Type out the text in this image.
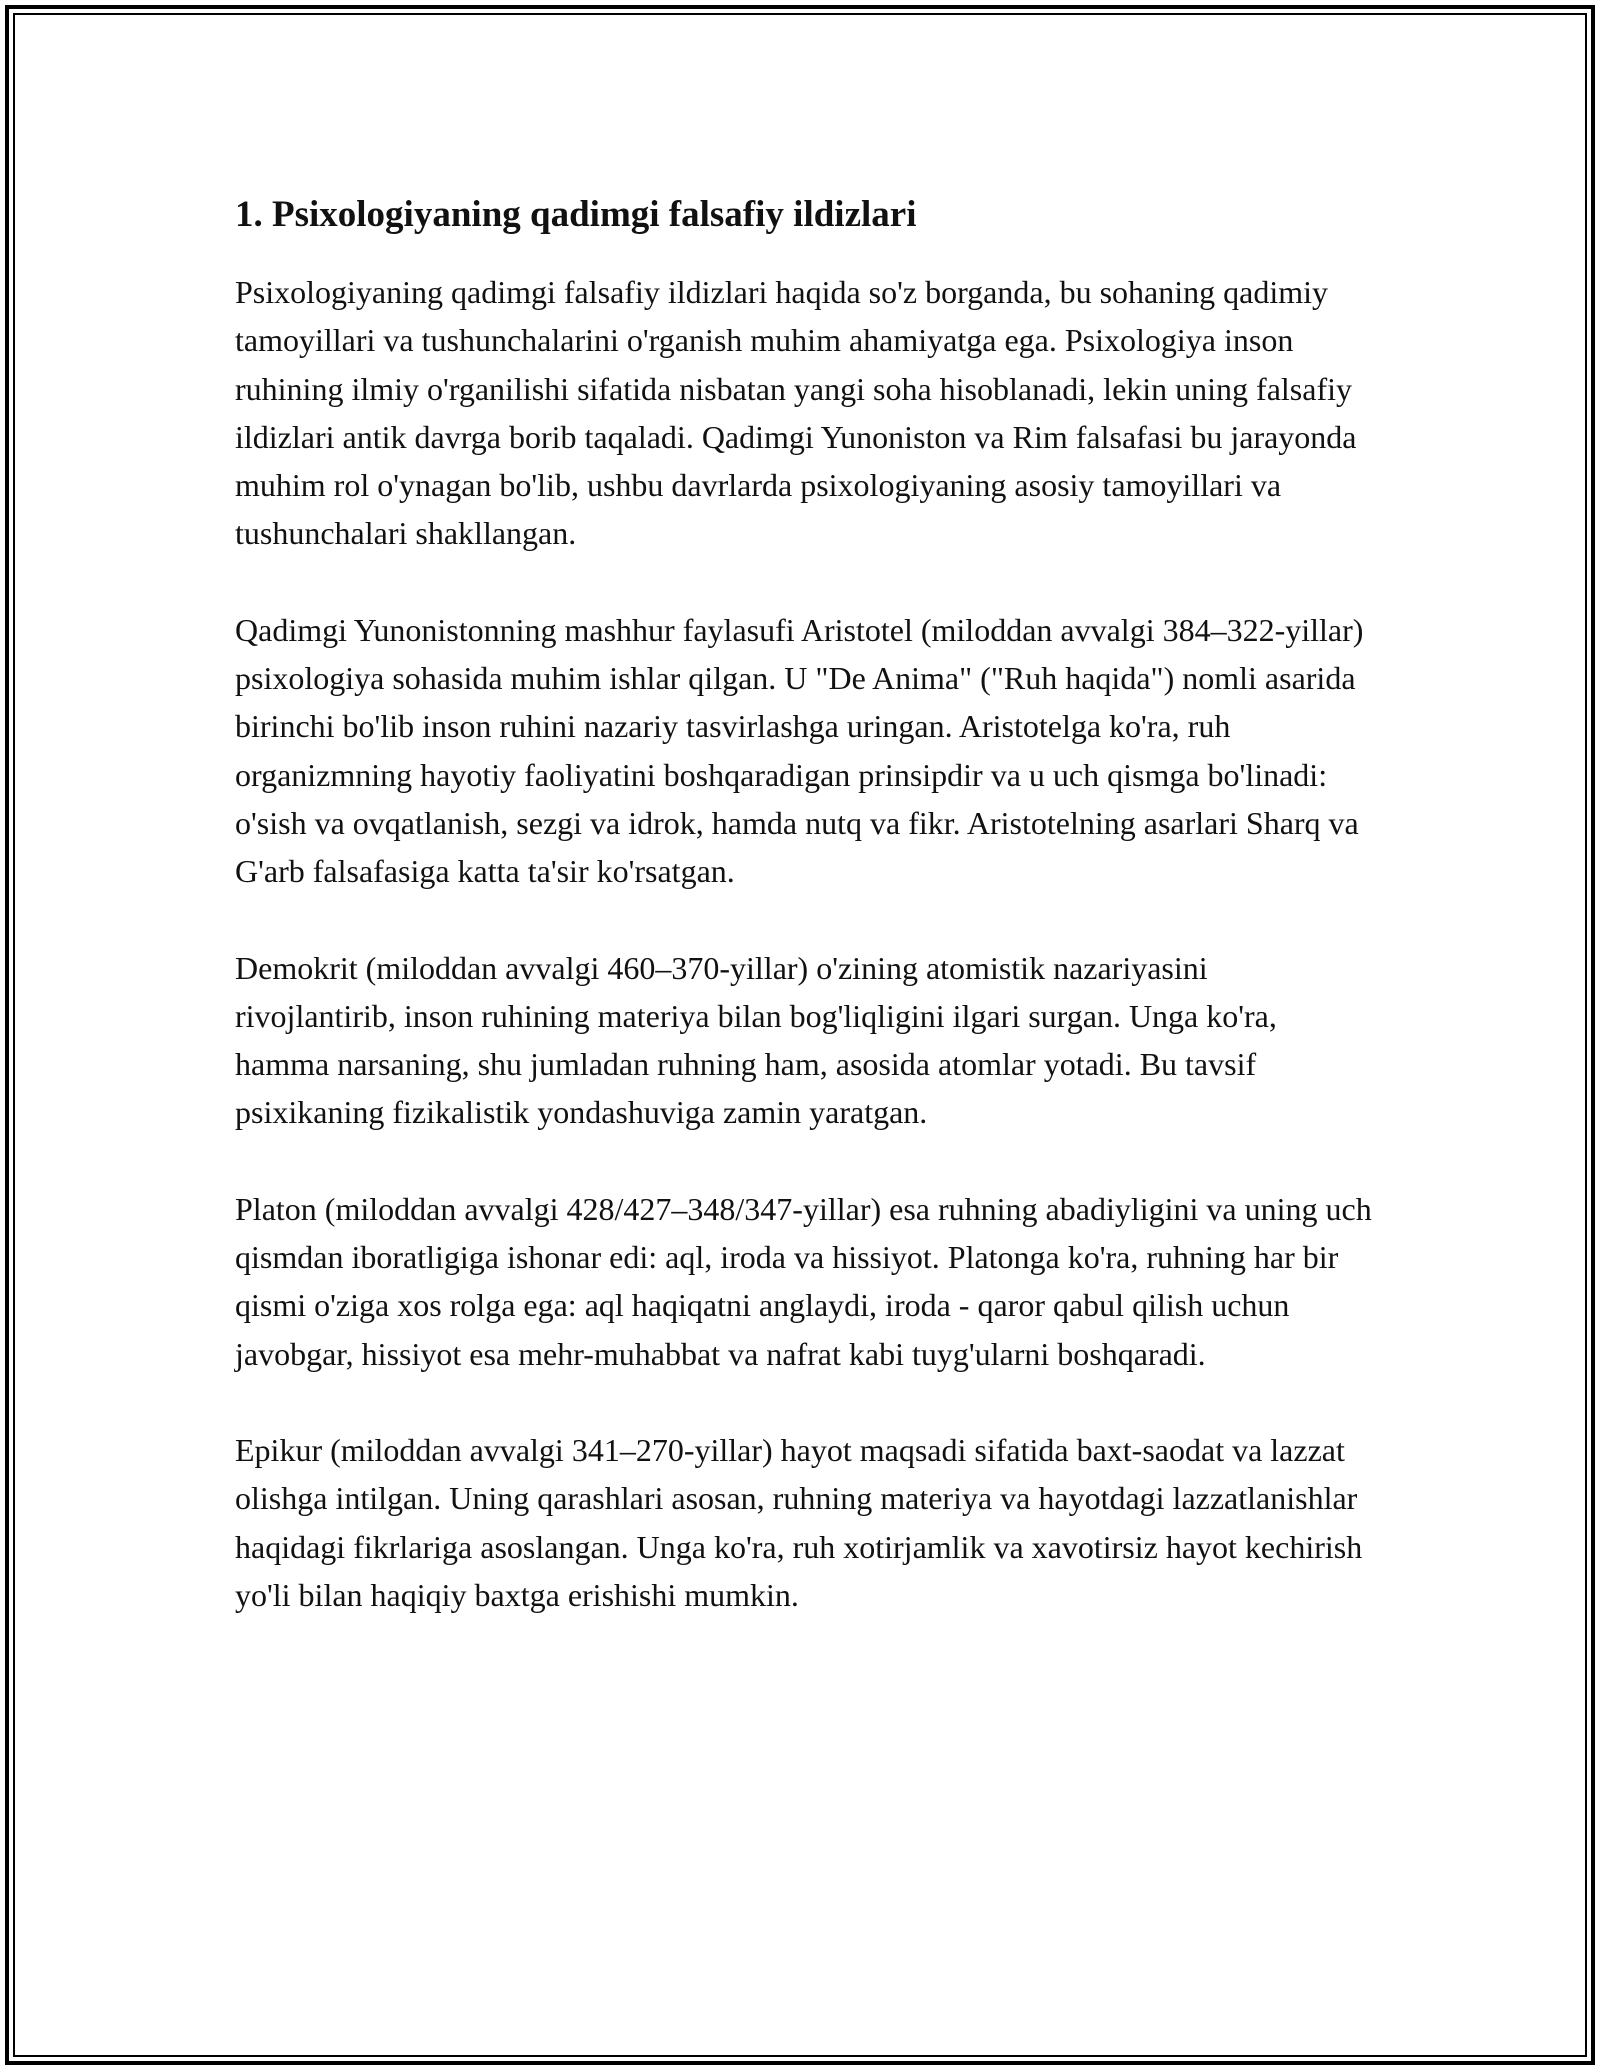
1. Psixologiyaning qadimgi falsafiy ildizlari

Psixologiyaning qadimgi falsafiy ildizlari haqida so'z borganda, bu sohaning qadimiy tamoyillari va tushunchalarini o'rganish muhim ahamiyatga ega. Psixologiya inson ruhining ilmiy o'rganilishi sifatida nisbatan yangi soha hisoblanadi, lekin uning falsafiy ildizlari antik davrga borib taqaladi. Qadimgi Yunoniston va Rim falsafasi bu jarayonda muhim rol o'ynagan bo'lib, ushbu davrlarda psixologiyaning asosiy tamoyillari va tushunchalari shakllangan.

Qadimgi Yunonistonning mashhur faylasufi Aristotel (miloddan avvalgi 384–322-yillar) psixologiya sohasida muhim ishlar qilgan. U "De Anima" ("Ruh haqida") nomli asarida birinchi bo'lib inson ruhini nazariy tasvirlashga uringan. Aristotelga ko'ra, ruh organizmning hayotiy faoliyatini boshqaradigan prinsipdir va u uch qismga bo'linadi: o'sish va ovqatlanish, sezgi va idrok, hamda nutq va fikr. Aristotelning asarlari Sharq va G'arb falsafasiga katta ta'sir ko'rsatgan.

Demokrit (miloddan avvalgi 460–370-yillar) o'zining atomistik nazariyasini rivojlantirib, inson ruhining materiya bilan bog'liqligini ilgari surgan. Unga ko'ra, hamma narsaning, shu jumladan ruhning ham, asosida atomlar yotadi. Bu tavsif psixikaning fizikalistik yondashuviga zamin yaratgan.

Platon (miloddan avvalgi 428/427–348/347-yillar) esa ruhning abadiyligini va uning uch qismdan iboratligiga ishonar edi: aql, iroda va hissiyot. Platonga ko'ra, ruhning har bir qismi o'ziga xos rolga ega: aql haqiqatni anglaydi, iroda - qaror qabul qilish uchun javobgar, hissiyot esa mehr-muhabbat va nafrat kabi tuyg'ularni boshqaradi.

Epikur (miloddan avvalgi 341–270-yillar) hayot maqsadi sifatida baxt-saodat va lazzat olishga intilgan. Uning qarashlari asosan, ruhning materiya va hayotdagi lazzatlanishlar haqidagi fikrlariga asoslangan. Unga ko'ra, ruh xotirjamlik va xavotirsiz hayot kechirish yo'li bilan haqiqiy baxtga erishishi mumkin.
